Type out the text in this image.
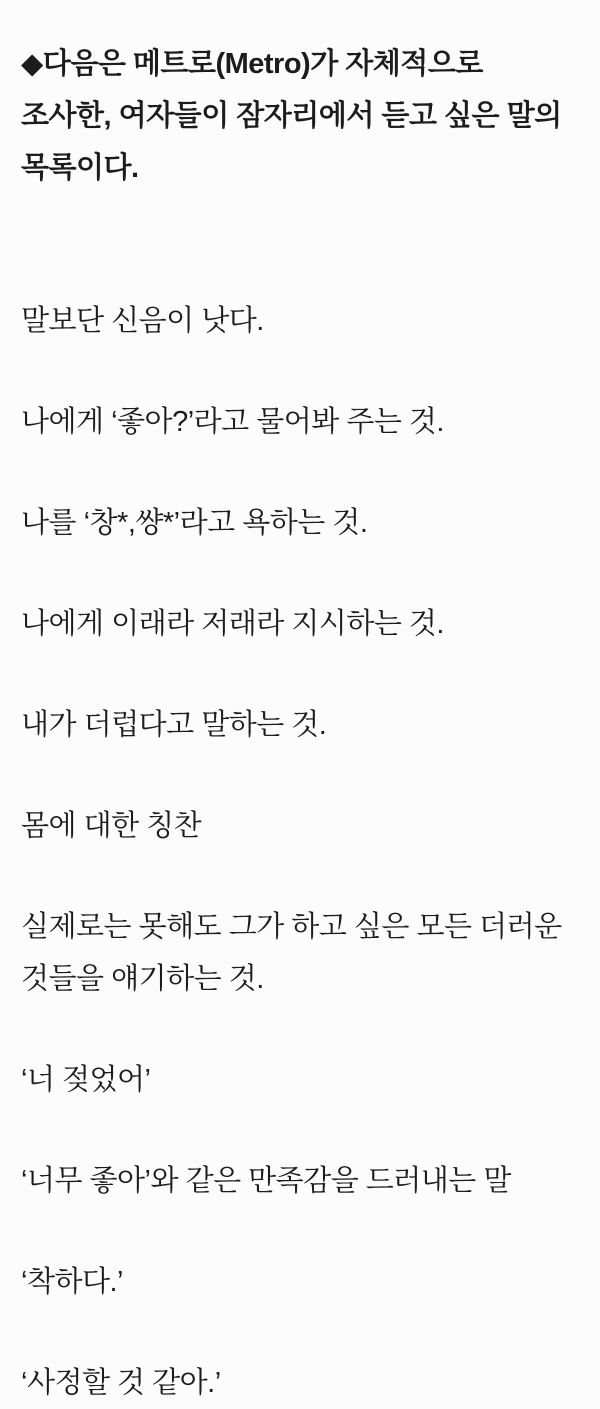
◆다음은 메트로(Metro)가 자체적으로 조사한, 여자들이 잠자리에서 듣고 싶은 말의 목록이다.

말보단 신음이 낫다.

나에게 ‘좋아?’라고 물어봐 주는 것.

나를 ‘창*,썅*’라고 욕하는 것.

나에게 이래라 저래라 지시하는 것.

내가 더럽다고 말하는 것.

몸에 대한 칭찬

실제로는 못해도 그가 하고 싶은 모든 더러운 것들을 얘기하는 것.

‘너 젖었어’

‘너무 좋아’와 같은 만족감을 드러내는 말

‘착하다.’

‘사정할 것 같아.’
